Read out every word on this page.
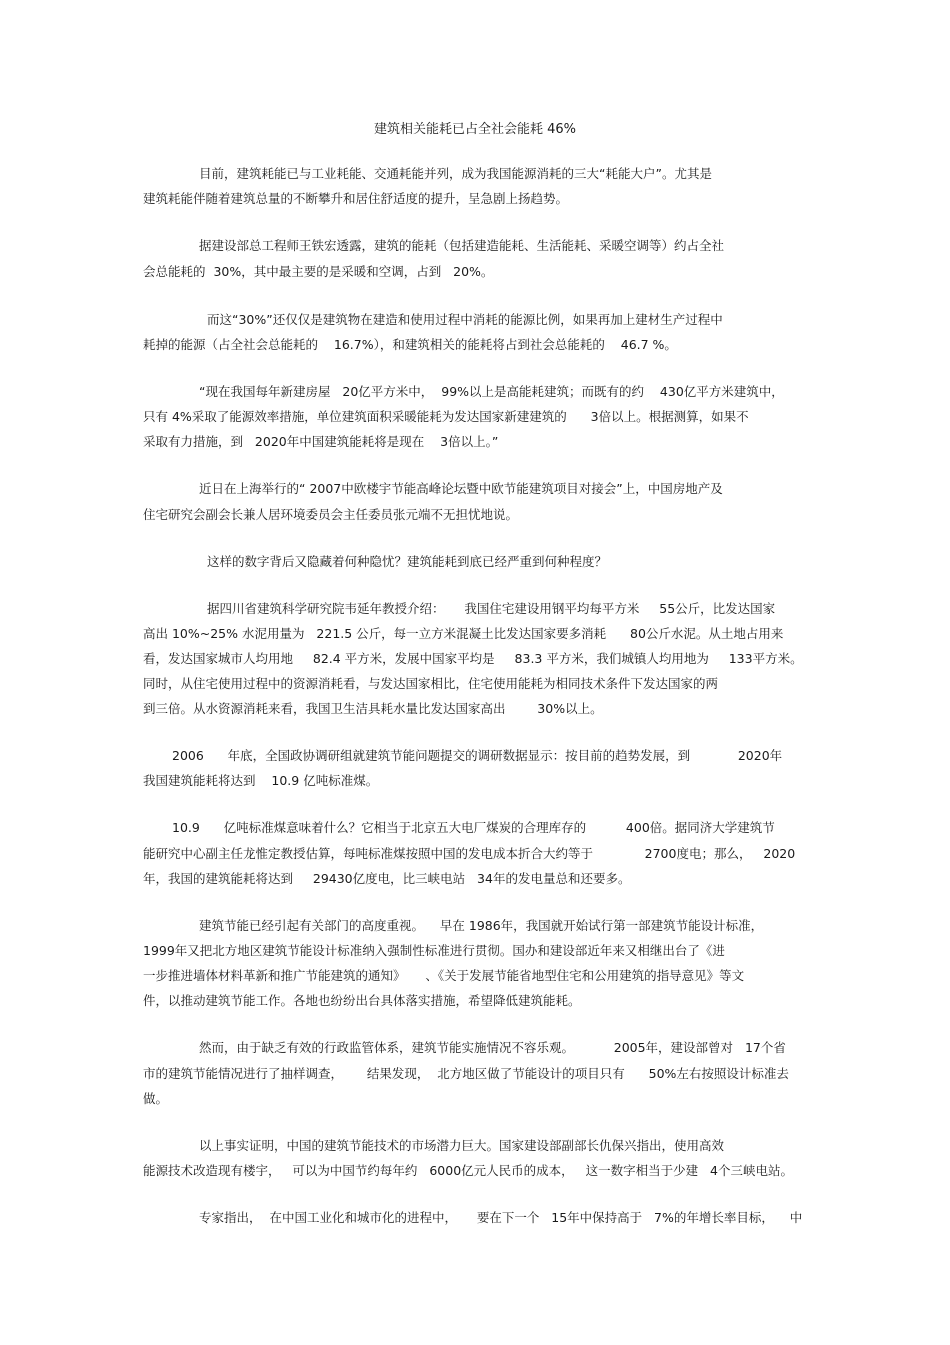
建筑相关能耗已占全社会能耗 46%
目前，建筑耗能已与工业耗能、交通耗能并列，成为我国能源消耗的三大“耗能大户”。尤其是
建筑耗能伴随着建筑总量的不断攀升和居住舒适度的提升，呈急剧上扬趋势。
据建设部总工程师王铁宏透露，建筑的能耗（包括建造能耗、生活能耗、采暖空调等）约占全社
会总能耗的  30%，其中最主要的是采暖和空调，占到   20%。
而这“30%”还仅仅是建筑物在建造和使用过程中消耗的能源比例，如果再加上建材生产过程中
耗掉的能源（占全社会总能耗的    16.7%），和建筑相关的能耗将占到社会总能耗的    46.7 %。
“现在我国每年新建房屋   20亿平方米中，  99%以上是高能耗建筑；而既有的约    430亿平方米建筑中，
只有 4%采取了能源效率措施，单位建筑面积采暖能耗为发达国家新建建筑的      3倍以上。根据测算，如果不
采取有力措施，到   2020年中国建筑能耗将是现在    3倍以上。”
近日在上海举行的“ 2007中欧楼宇节能高峰论坛暨中欧节能建筑项目对接会”上，中国房地产及
住宅研究会副会长兼人居环境委员会主任委员张元端不无担忧地说。
这样的数字背后又隐藏着何种隐忧？建筑能耗到底已经严重到何种程度？
据四川省建筑科学研究院韦延年教授介绍：     我国住宅建设用钢平均每平方米     55公斤，比发达国家
高出 10%~25% 水泥用量为   221.5 公斤，每一立方米混凝土比发达国家要多消耗      80公斤水泥。从土地占用来
看，发达国家城市人均用地     82.4 平方米，发展中国家平均是     83.3 平方米，我们城镇人均用地为     133平方米。
同时，从住宅使用过程中的资源消耗看，与发达国家相比，住宅使用能耗为相同技术条件下发达国家的两
到三倍。从水资源消耗来看，我国卫生洁具耗水量比发达国家高出        30%以上。
2006      年底，全国政协调研组就建筑节能问题提交的调研数据显示：按目前的趋势发展，到            2020年
我国建筑能耗将达到    10.9 亿吨标准煤。
10.9      亿吨标准煤意味着什么？它相当于北京五大电厂煤炭的合理库存的          400倍。据同济大学建筑节
能研究中心副主任龙惟定教授估算，每吨标准煤按照中国的发电成本折合大约等于             2700度电；那么，   2020
年，我国的建筑能耗将达到     29430亿度电，比三峡电站   34年的发电量总和还要多。
建筑节能已经引起有关部门的高度重视。    早在 1986年，我国就开始试行第一部建筑节能设计标准，
1999年又把北方地区建筑节能设计标准纳入强制性标准进行贯彻。国办和建设部近年来又相继出台了《进
一步推进墙体材料革新和推广节能建筑的通知》     、《关于发展节能省地型住宅和公用建筑的指导意见》等文
件，以推动建筑节能工作。各地也纷纷出台具体落实措施，希望降低建筑能耗。
然而，由于缺乏有效的行政监管体系，建筑节能实施情况不容乐观。          2005年，建设部曾对   17个省
市的建筑节能情况进行了抽样调查，      结果发现，  北方地区做了节能设计的项目只有      50%左右按照设计标准去
做。
以上事实证明，中国的建筑节能技术的市场潜力巨大。国家建设部副部长仇保兴指出，使用高效
能源技术改造现有楼宇，   可以为中国节约每年约   6000亿元人民币的成本，   这一数字相当于少建   4个三峡电站。
专家指出，  在中国工业化和城市化的进程中，     要在下一个   15年中保持高于   7%的年增长率目标，    中
